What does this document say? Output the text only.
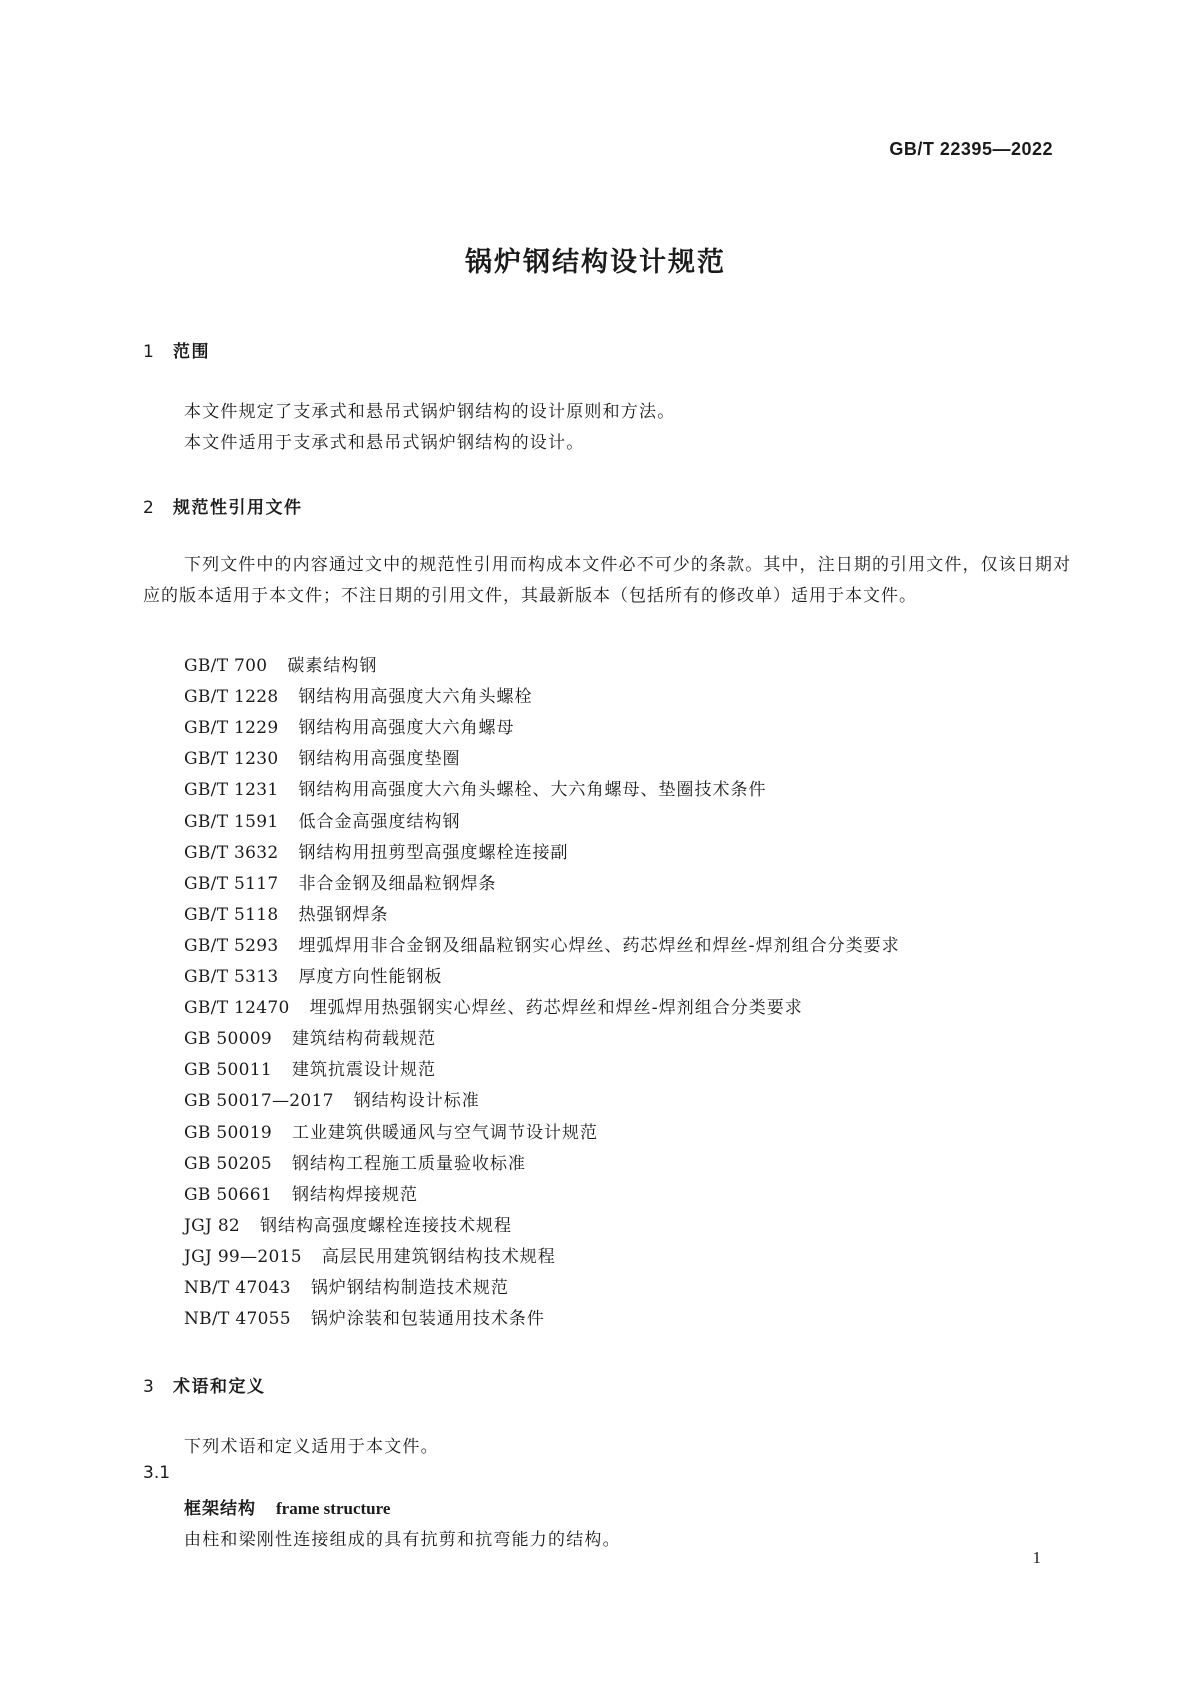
GB/T 22395—2022
锅炉钢结构设计规范
1 范围
本文件规定了支承式和悬吊式锅炉钢结构的设计原则和方法。
本文件适用于支承式和悬吊式锅炉钢结构的设计。
2 规范性引用文件
下列文件中的内容通过文中的规范性引用而构成本文件必不可少的条款。其中，注日期的引用文件，仅该日期对应的版本适用于本文件；不注日期的引用文件，其最新版本（包括所有的修改单）适用于本文件。
GB/T 700 碳素结构钢
GB/T 1228 钢结构用高强度大六角头螺栓
GB/T 1229 钢结构用高强度大六角螺母
GB/T 1230 钢结构用高强度垫圈
GB/T 1231 钢结构用高强度大六角头螺栓、大六角螺母、垫圈技术条件
GB/T 1591 低合金高强度结构钢
GB/T 3632 钢结构用扭剪型高强度螺栓连接副
GB/T 5117 非合金钢及细晶粒钢焊条
GB/T 5118 热强钢焊条
GB/T 5293 埋弧焊用非合金钢及细晶粒钢实心焊丝、药芯焊丝和焊丝-焊剂组合分类要求
GB/T 5313 厚度方向性能钢板
GB/T 12470 埋弧焊用热强钢实心焊丝、药芯焊丝和焊丝-焊剂组合分类要求
GB 50009 建筑结构荷载规范
GB 50011 建筑抗震设计规范
GB 50017—2017 钢结构设计标准
GB 50019 工业建筑供暖通风与空气调节设计规范
GB 50205 钢结构工程施工质量验收标准
GB 50661 钢结构焊接规范
JGJ 82 钢结构高强度螺栓连接技术规程
JGJ 99—2015 高层民用建筑钢结构技术规程
NB/T 47043 锅炉钢结构制造技术规范
NB/T 47055 锅炉涂装和包装通用技术条件
3 术语和定义
下列术语和定义适用于本文件。
3.1
框架结构 frame structure
由柱和梁刚性连接组成的具有抗剪和抗弯能力的结构。
1
